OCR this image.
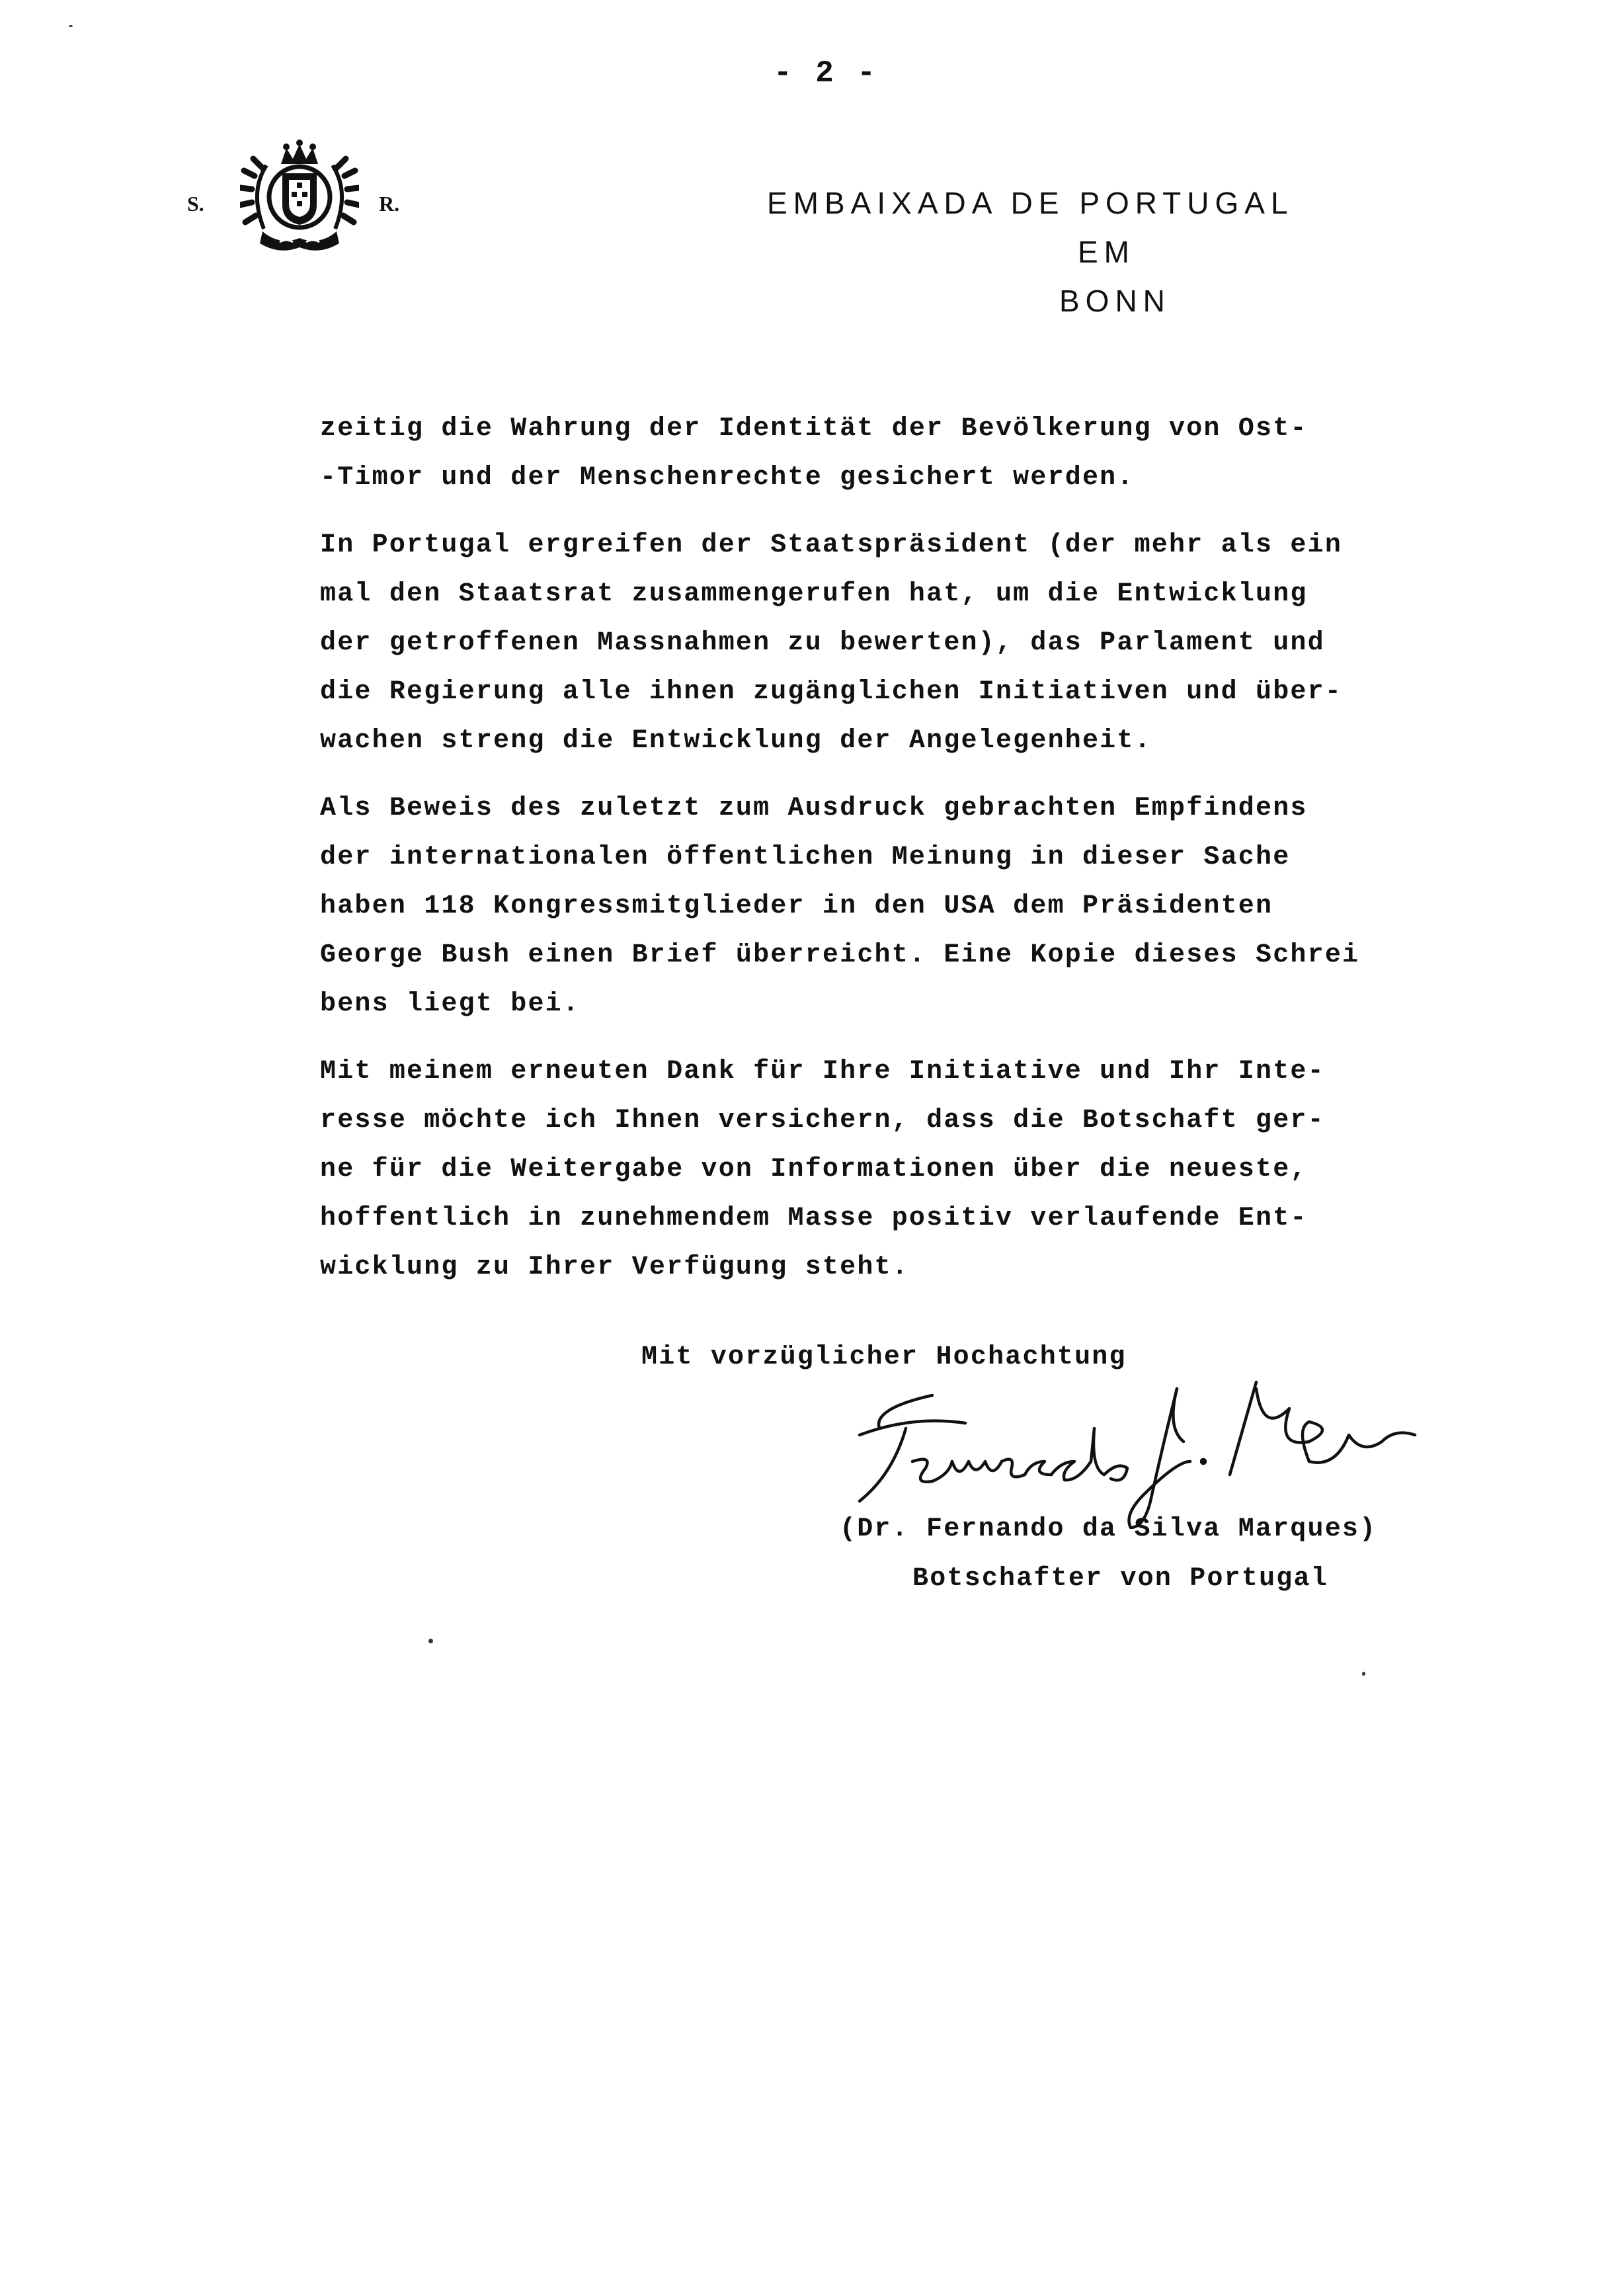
- 2 -
S.	R.	EMBAIXADA DE PORTUGAL
EM
BONN
zeitig die Wahrung der Identität der Bevölkerung von Ost-
-Timor und der Menschenrechte gesichert werden.
In Portugal ergreifen der Staatspräsident (der mehr als ein
mal den Staatsrat zusammengerufen hat, um die Entwicklung
der getroffenen Massnahmen zu bewerten), das Parlament und
die Regierung alle ihnen zugänglichen Initiativen und über-
wachen streng die Entwicklung der Angelegenheit.
Als Beweis des zuletzt zum Ausdruck gebrachten Empfindens
der internationalen öffentlichen Meinung in dieser Sache
haben 118 Kongressmitglieder in den USA dem Präsidenten
George Bush einen Brief überreicht. Eine Kopie dieses Schrei
bens liegt bei.
Mit meinem erneuten Dank für Ihre Initiative und Ihr Inte-
resse möchte ich Ihnen versichern, dass die Botschaft ger-
ne für die Weitergabe von Informationen über die neueste,
hoffentlich in zunehmendem Masse positiv verlaufende Ent-
wicklung zu Ihrer Verfügung steht.
Mit vorzüglicher Hochachtung
(Dr. Fernando da Silva Marques)
Botschafter von Portugal
